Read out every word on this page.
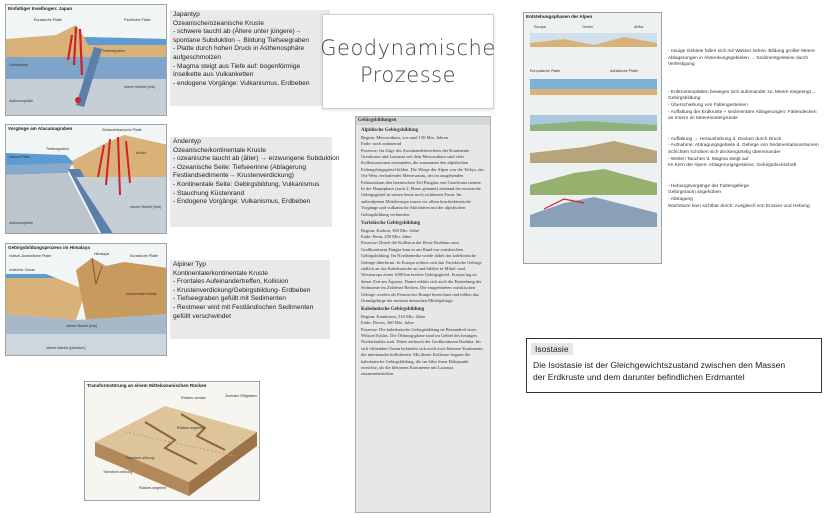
Einfaltiger Inselbogen: Japan
Eurasische Platte	Pazifische Platte
Tiefseegraben
Lithosphäre
oberer Mantel (fest)
Asthenosphäre
Japantyp
Ozeanische/ozeanische Kruste
- schwere taucht ab (Ältere unter jüngere)→
spontane Subduktion→ Bildung Tiefseegraben
- Platte durch hohen Druck in Asthenosphäre
aufgeschmolzen
- Magma steigt aus Tiefe auf: bogenförmige
Inselkette aus Vulkanketten
- endogene Vorgänge: Vulkanismus, Erdbeben
Vorgänge am Atacamagraben
Nazca-Platte
Südamerikanische Platte
Tiefseegraben
Anden
oberer Mantel (fest)
Asthenosphäre
Andentyp
Ozeanische/kontinentale Kruste
- ozeanische taucht ab (älter) → erzwungene Subduktion
- Ozeanische Seite: Tiefseerinne (Ablagerung
Festlandsedimente→ Krustenverdickung)
- Kontinentale Seite: Gebirgsbildung, Vulkanismus
- Stauchung Küstenrand
- Endogene Vorgänge: Vulkanismus, Erdbeben
Gebirgsbildungsprozess im Himalaya
Indisch-Australische Platte
Indischer Ozean
Himalaya	Eurasische Platte
kontinentale Kruste
oberer Mantel (fest)
oberer Mantel (plastisch)
Alpiner Typ
Kontinentale/kontinentale Kruste
- Frontales Aufeinandertreffen, Kollision
- Krustenverdickung/Gebirgsbildung- Erdbeben
- Tiefseegraben gefüllt mit Sedimenten
- Restmeer wird mit Festländischen Sedimenten
gefüllt verschwindet
Transformstörung an einem Mittelozeanischen Rücken
Rücken-versatz	Zentraler Riftgraben
Rücken-segment
Transform-störung
Transform-störung
Rücken-segment
Geodynamische
Prozesse
Gebirgsbildungen
Alpidische Gebirgsbildung
Beginn: Mesozoikum, vor rund 150 Mio. Jahren
Ende: noch andauernd

Prozesse: Im Zuge des Auseinanderbrechens der Kontinente Gondwana und Laurasia seit dem Mesozoikum sind viele Kollisionszonen entstanden, die zusammen den alpidischen Faltengebirgsgürtel bilden. Die Wiege der Alpen war die Tethys, ein Ost-West verlaufender Meeresraum, der im ausgehenden Paläozoikum den lateinischen Teil Pangäas von Gondwana trennte. In der Hauptphase (auch 2. Phase genannt) entstand der eurasische Gebirgsgürtel in seinen heute noch sichtbaren Form. Im außeralpinen Mitteleuropa waren vor allem bruchtektonische Vorgänge und vulkanische Aktivitäten mit der alpidischen Gebirgsbildung verbunden.

Variskische Gebirgsbildung
Beginn: Karbon, 360 Mio. Jahre
Ende: Perm, 250 Mio. Jahre

Prozesse: Durch die Kollision der Reste Rodinias zum Großkontinent Pangäa kam es am Rand zur variskischen Gebirgsbildung. Im Nordamerika wurde dabei das kaledonische Gebirge überformt. In Europa schloss sich das Variskische Gebirge südlich an das Kaledonische an und bildete in Mittel- und Westeuropa einen 1000 km breiten Gebirgsgürtel. Europa lag zu dieser Zeit am Äquator. Damit erklärt sich auch die Entstehung der Sedimente im Zöldener Becken. Die eingeebneten variskischen Gebirge werden als Permischer Rumpf bezeichnet und bilden das Grundgebirge der meisten deutschen Mittelgebirge.

Kaledonische Gebirgsbildung
Beginn: Kambrium, 510 Mio. Jahre
Ende: Devon, 360 Mio. Jahre

Prozesse: Die kaledonische Gebirgsbildung ist Bestandteil eines Wilson-Zyklus. Die Öffnungsphase fand im Gebiet des heutigen Nordatlantiks statt. Dabei zerbrach der Großkontinent Rodinia. Im sich öffnenden Ozean befanden sich noch zwei kleinere Kontinente, die miteinander kollidierten. Mit dieser Kollision begann die kaledonische Gebirgsbildung, die im Silur ihren Höhepunkt erreichte, als die kleineren Kontinente mit Laurasia zusammenstießen.

Entstehungsphasen der Alpen
Europäische Platte	Adriatische Platte
Europa	Ozean	Afrika

- neuige Gebiete fallen sich mit Wasser sehen: Bildung großer Meere
Ablagerungen in Absenkungsgebieten → Sedimentgesteine durch
Verfestigung

- Erdkrustenplatten bewegen sich aufeinander zu: Meere eingeengt→
Gebirgsbildung
- Überschiebung von Faltengesteinen
- Auffaltung der Erdkruste + sedimentäre Ablagerungen: Faltendecken
an Innern im Meeresuntergründe
- Auffaltung → Heraushebung d. Decken durch Druck
- Aufnahme: Abtragungsgebiete d. Gebirge von Sedimentationsräumen
Schichten schoben sich deckengürtelig übereinander
- Weiten Tauchen d. Magma steigt auf
Im Kern der Alpen: Ablagerungsgesteine, Gebirgsdeckschaft
- Hebungsvorgänge der Faltengebirge
Gebirgsraum angehoben
- Abtragung
Wachstum kam sichtbar durch: Ausgleich von Erosion und Hebung
Isostasie
Die Isostasie ist der Gleichgewichtszustand zwischen den Massen
der Erdkruste und dem darunter befindlichen Erdmantel
